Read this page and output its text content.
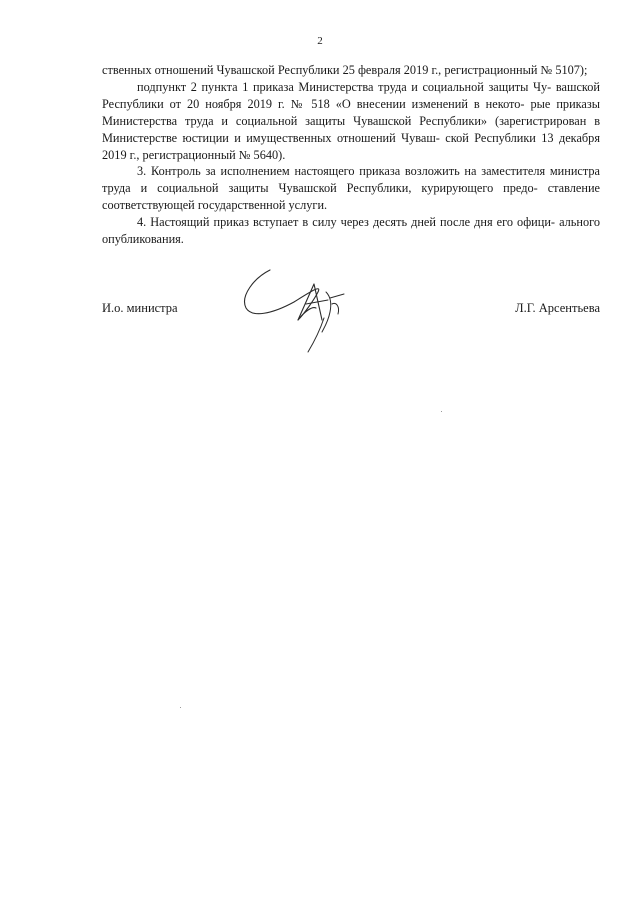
2

ственных отношений Чувашской Республики 25 февраля 2019 г., регистрационный № 5107);

подпункт 2 пункта 1 приказа Министерства труда и социальной защиты Чу- вашской Республики от 20 ноября 2019 г. № 518 «О внесении изменений в некото- рые приказы Министерства труда и социальной защиты Чувашской Республики» (зарегистрирован в Министерстве юстиции и имущественных отношений Чуваш- ской Республики 13 декабря 2019 г., регистрационный № 5640).

3. Контроль за исполнением настоящего приказа возложить на заместителя министра труда и социальной защиты Чувашской Республики, курирующего предо- ставление соответствующей государственной услуги.

4. Настоящий приказ вступает в силу через десять дней после дня его офици- ального опубликования.

И.о. министра	Л.Г. Арсентьева
